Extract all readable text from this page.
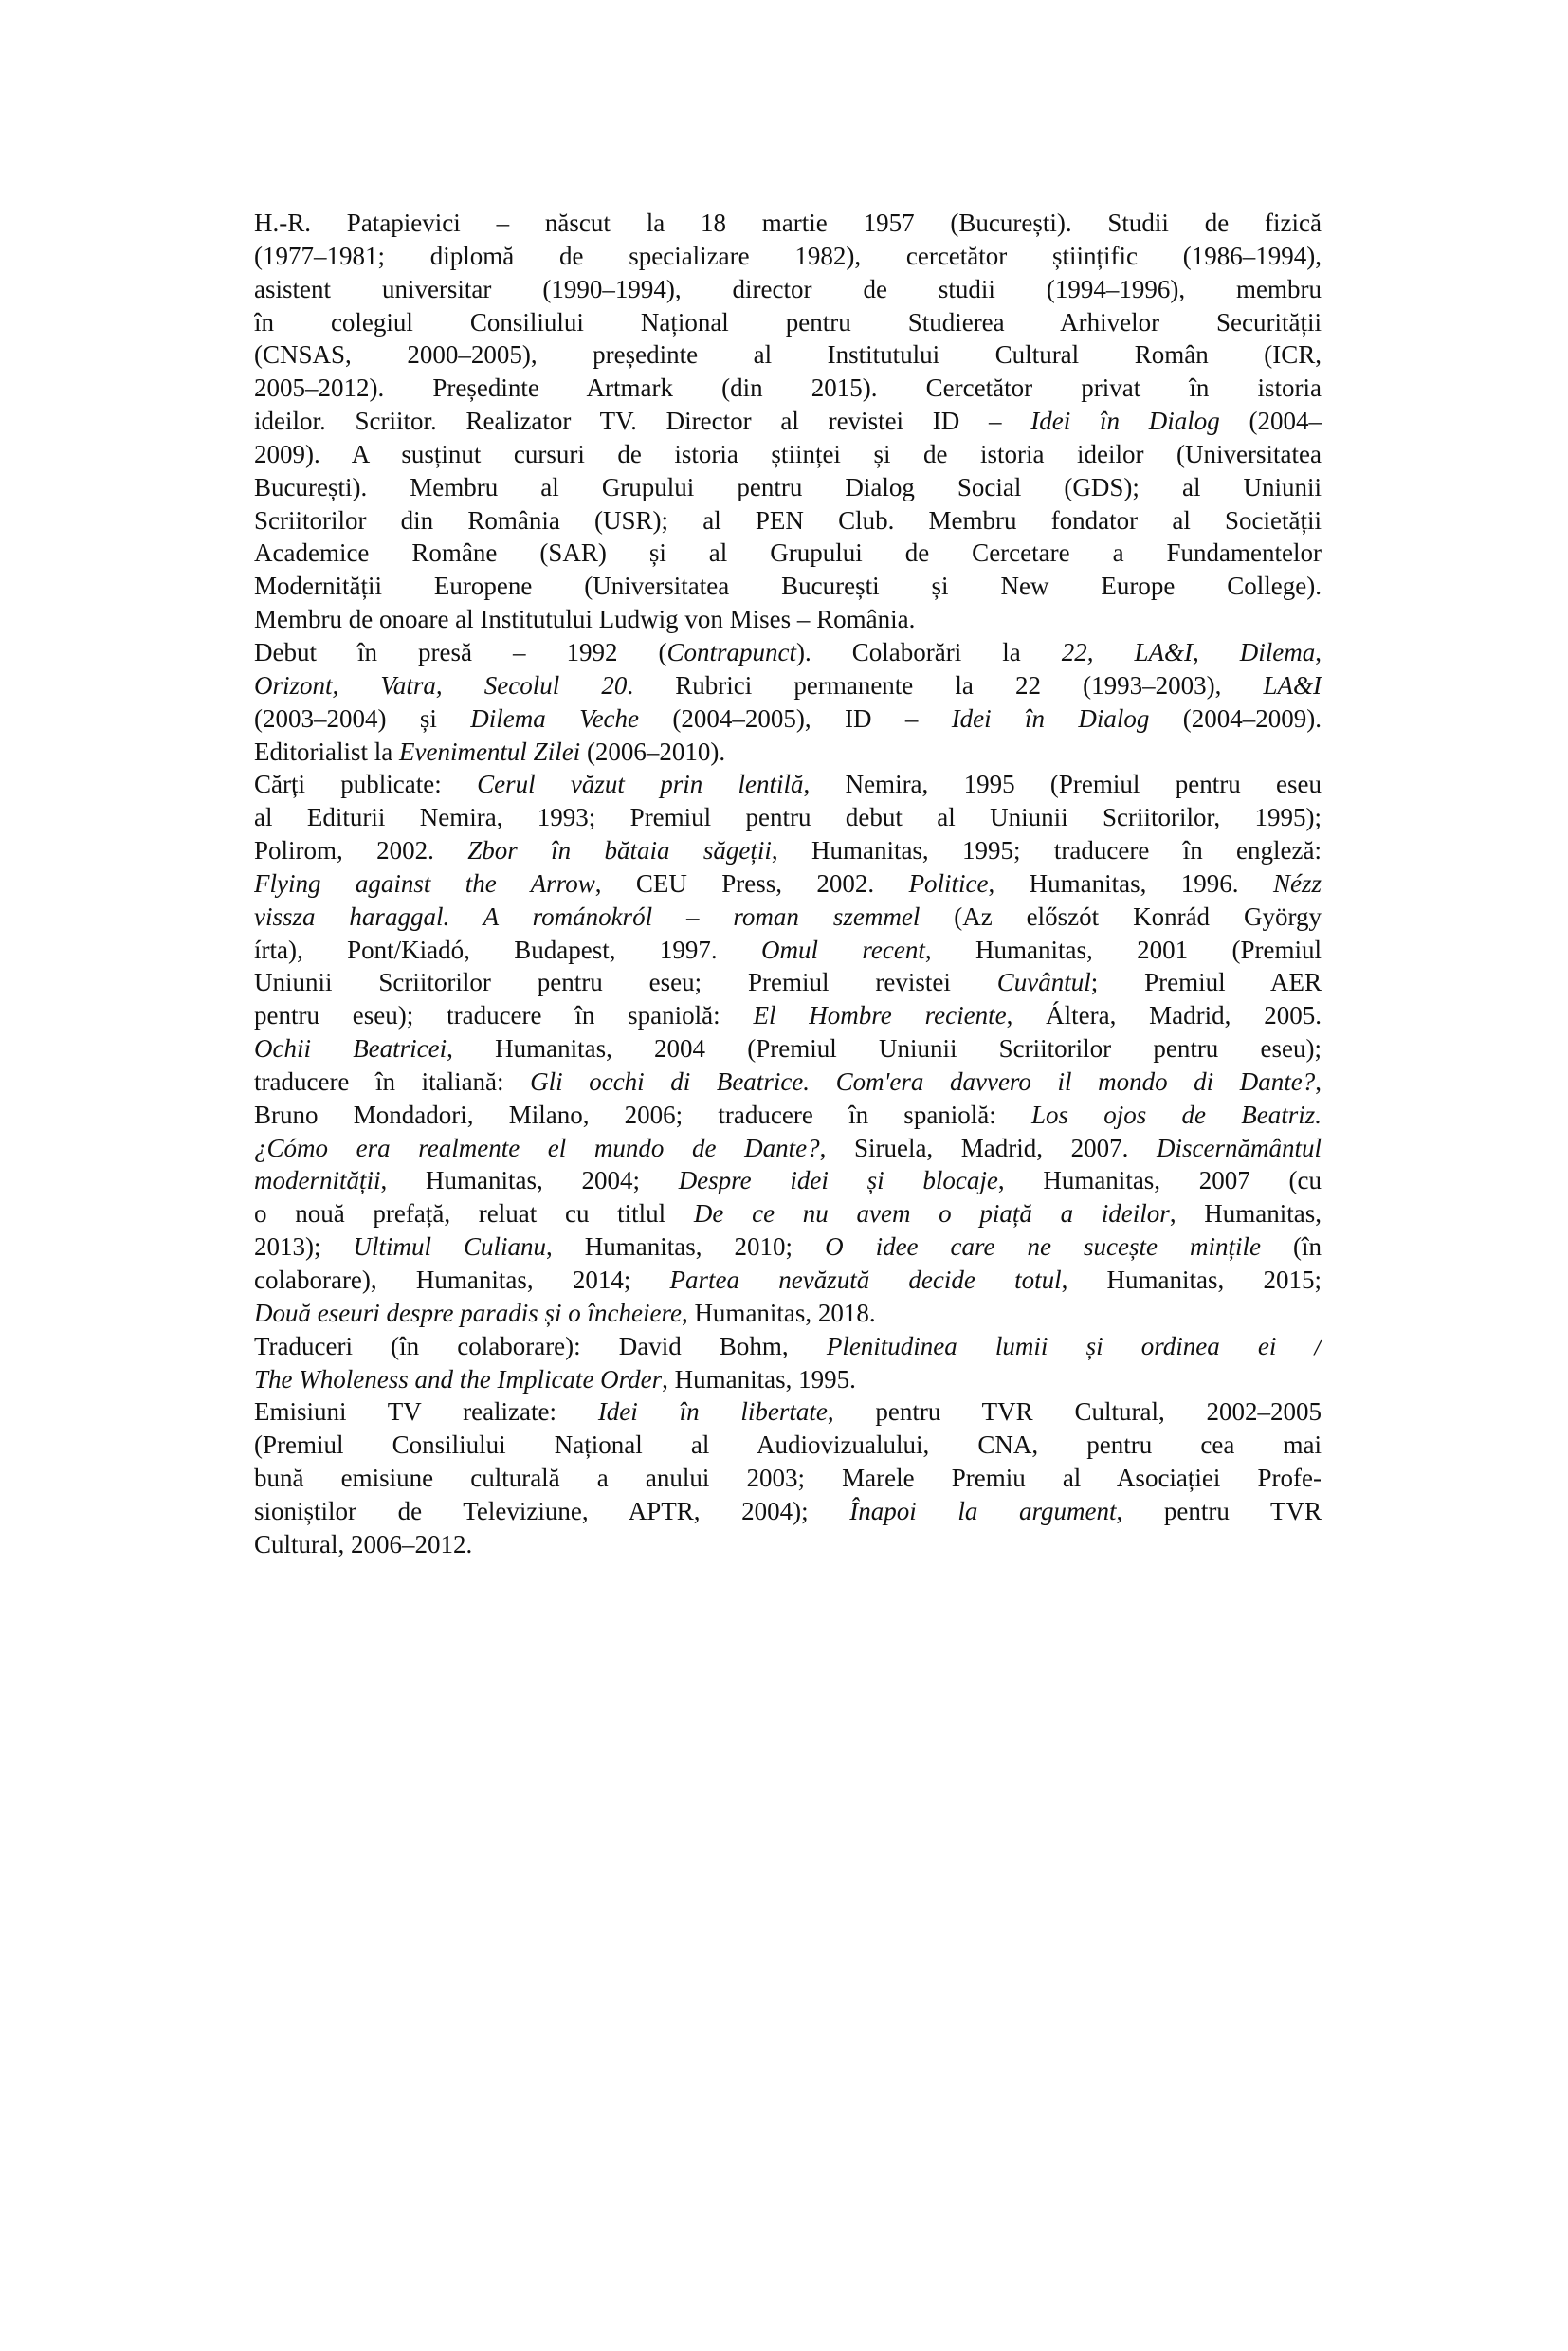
H.-R. Patapievici – născut la 18 martie 1957 (București). Studii de fizică
(1977–1981; diplomă de specializare 1982), cercetător științific (1986–1994),
asistent universitar (1990–1994), director de studii (1994–1996), membru
în colegiul Consiliului Național pentru Studierea Arhivelor Securității
(CNSAS, 2000–2005), președinte al Institutului Cultural Român (ICR,
2005–2012). Președinte Artmark (din 2015). Cercetător privat în istoria
ideilor. Scriitor. Realizator TV. Director al revistei ID – Idei în Dialog (2004–
2009). A susținut cursuri de istoria științei și de istoria ideilor (Universitatea
București). Membru al Grupului pentru Dialog Social (GDS); al Uniunii
Scriitorilor din România (USR); al PEN Club. Membru fondator al Societății
Academice Române (SAR) și al Grupului de Cercetare a Fundamentelor
Modernității Europene (Universitatea București și New Europe College).
Membru de onoare al Institutului Ludwig von Mises – România.
Debut în presă – 1992 (Contrapunct). Colaborări la 22, LA&I, Dilema,
Orizont, Vatra, Secolul 20. Rubrici permanente la 22 (1993–2003), LA&I
(2003–2004) și Dilema Veche (2004–2005), ID – Idei în Dialog (2004–2009).
Editorialist la Evenimentul Zilei (2006–2010).
Cărți publicate: Cerul văzut prin lentilă, Nemira, 1995 (Premiul pentru eseu
al Editurii Nemira, 1993; Premiul pentru debut al Uniunii Scriitorilor, 1995);
Polirom, 2002. Zbor în bătaia săgeții, Humanitas, 1995; traducere în engleză:
Flying against the Arrow, CEU Press, 2002. Politice, Humanitas, 1996. Nézz
vissza haraggal. A románokról – roman szemmel (Az előszót Konrád György
írta), Pont/Kiadó, Budapest, 1997. Omul recent, Humanitas, 2001 (Premiul
Uniunii Scriitorilor pentru eseu; Premiul revistei Cuvântul; Premiul AER
pentru eseu); traducere în spaniolă: El Hombre reciente, Áltera, Madrid, 2005.
Ochii Beatricei, Humanitas, 2004 (Premiul Uniunii Scriitorilor pentru eseu);
traducere în italiană: Gli occhi di Beatrice. Com'era davvero il mondo di Dante?,
Bruno Mondadori, Milano, 2006; traducere în spaniolă: Los ojos de Beatriz.
¿Cómo era realmente el mundo de Dante?, Siruela, Madrid, 2007. Discernământul
modernității, Humanitas, 2004; Despre idei și blocaje, Humanitas, 2007 (cu
o nouă prefață, reluat cu titlul De ce nu avem o piață a ideilor, Humanitas,
2013); Ultimul Culianu, Humanitas, 2010; O idee care ne sucește mințile (în
colaborare), Humanitas, 2014; Partea nevăzută decide totul, Humanitas, 2015;
Două eseuri despre paradis și o încheiere, Humanitas, 2018.
Traduceri (în colaborare): David Bohm, Plenitudinea lumii și ordinea ei /
The Wholeness and the Implicate Order, Humanitas, 1995.
Emisiuni TV realizate: Idei în libertate, pentru TVR Cultural, 2002–2005
(Premiul Consiliului Național al Audiovizualului, CNA, pentru cea mai
bună emisiune culturală a anului 2003; Marele Premiu al Asociației Profe-
sioniștilor de Televiziune, APTR, 2004); Înapoi la argument, pentru TVR
Cultural, 2006–2012.
